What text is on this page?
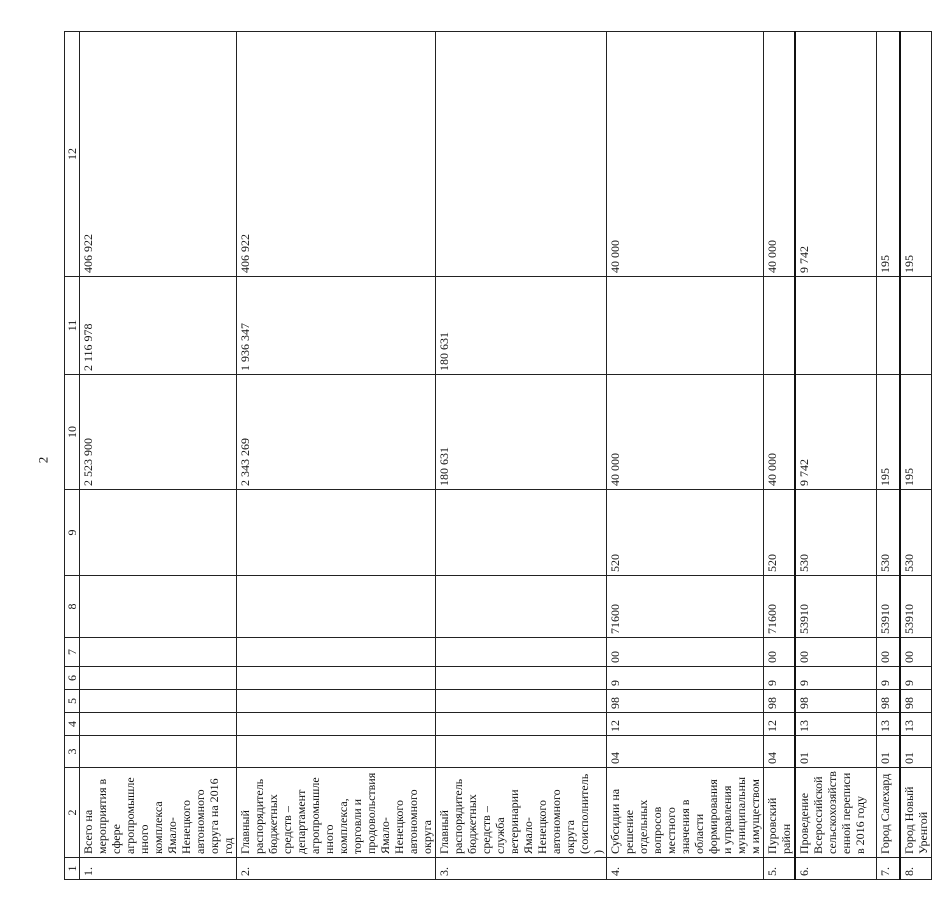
2
1	2	3	4	5	6	7	8	9	10	11	12
1.	Всего на мероприятия в сфере агропромышленного комплекса Ямало-Ненецкого автономного округа на 2016 год								2 523 900	2 116 978	406 922
2.	Главный распорядитель бюджетных средств – департамент агропромышленного комплекса, торговли и продовольствия Ямало-Ненецкого автономного округа								2 343 269	1 936 347	406 922
3.	Главный распорядитель бюджетных средств – служба ветеринарии Ямало-Ненецкого автономного округа (соисполнитель)								180 631	180 631	
4.	Субсидии на решение отдельных вопросов местного значения в области формирования и управления муниципальным имуществом	04	12	98	9	00	71600	520	40 000		40 000
5.	Пуровский район	04	12	98	9	00	71600	520	40 000		40 000
6.	Проведение Всероссийской сельскохозяйственной переписи в 2016 году	01	13	98	9	00	53910	530	9 742		9 742
7.	Город Салехард	01	13	98	9	00	53910	530	195		195
8.	Город Новый Уренгой	01	13	98	9	00	53910	530	195		195
